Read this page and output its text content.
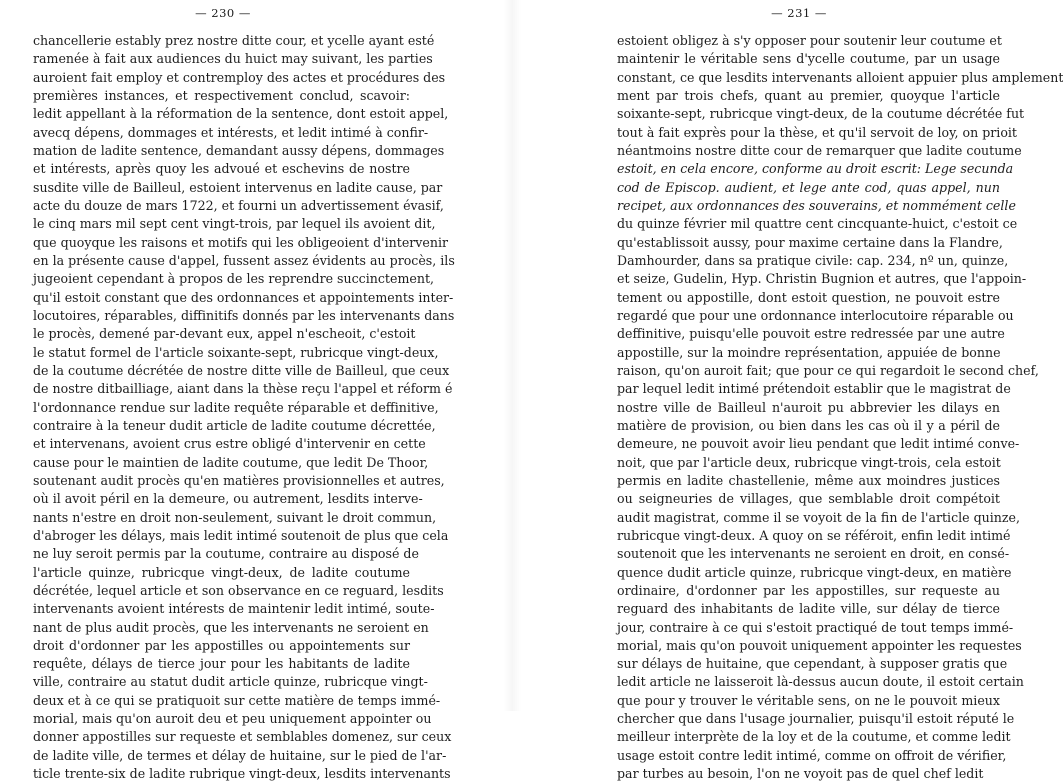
— 230 —
chancellerie estably prez nostre ditte cour, et ycelle ayant esté
ramenée à fait aux audiences du huict may suivant, les parties
auroient fait employ et contremploy des actes et procédures des
premières instances, et respectivement conclud, scavoir:
ledit appellant à la réformation de la sentence, dont estoit appel,
avecq dépens, dommages et intérests, et ledit intimé à confir-
mation de ladite sentence, demandant aussy dépens, dommages
et intérests, après quoy les advoué et eschevins de nostre
susdite ville de Bailleul, estoient intervenus en ladite cause, par
acte du douze de mars 1722, et fourni un advertissement évasif,
le cinq mars mil sept cent vingt-trois, par lequel ils avoient dit,
que quoyque les raisons et motifs qui les obligeoient d'intervenir
en la présente cause d'appel, fussent assez évidents au procès, ils
jugeoient cependant à propos de les reprendre succinctement,
qu'il estoit constant que des ordonnances et appointements inter-
locutoires, réparables, diffinitifs donnés par les intervenants dans
le procès, demené par-devant eux, appel n'escheoit, c'estoit
le statut formel de l'article soixante-sept, rubricque vingt-deux,
de la coutume décrétée de nostre ditte ville de Bailleul, que ceux
de nostre ditbailliage, aiant dans la thèse reçu l'appel et réform é
l'ordonnance rendue sur ladite requête réparable et deffinitive,
contraire à la teneur dudit article de ladite coutume décrettée,
et intervenans, avoient crus estre obligé d'intervenir en cette
cause pour le maintien de ladite coutume, que ledit De Thoor,
soutenant audit procès qu'en matières provisionnelles et autres,
où il avoit péril en la demeure, ou autrement, lesdits interve-
nants n'estre en droit non-seulement, suivant le droit commun,
d'abroger les délays, mais ledit intimé soutenoit de plus que cela
ne luy seroit permis par la coutume, contraire au disposé de
l'article quinze, rubricque vingt-deux, de ladite coutume
décrétée, lequel article et son observance en ce reguard, lesdits
intervenants avoient intérests de maintenir ledit intimé, soute-
nant de plus audit procès, que les intervenants ne seroient en
droit d'ordonner par les appostilles ou appointements sur
requête, délays de tierce jour pour les habitants de ladite
ville, contraire au statut dudit article quinze, rubricque vingt-
deux et à ce qui se pratiquoit sur cette matière de temps immé-
morial, mais qu'on auroit deu et peu uniquement appointer ou
donner appostilles sur requeste et semblables domenez, sur ceux
de ladite ville, de termes et délay de huitaine, sur le pied de l'ar-
ticle trente-six de ladite rubrique vingt-deux, lesdits intervenants
— 231 —
estoient obligez à s'y opposer pour soutenir leur coutume et
maintenir le véritable sens d'ycelle coutume, par un usage
constant, ce que lesdits intervenants alloient appuier plus amplement
ment par trois chefs, quant au premier, quoyque l'article
soixante-sept, rubricque vingt-deux, de la coutume décrétée fut
tout à fait exprès pour la thèse, et qu'il servoit de loy, on prioit
néantmoins nostre ditte cour de remarquer que ladite coutume
estoit, en cela encore, conforme au droit escrit: Lege secunda
cod de Episcop. audient, et lege ante cod, quas appel, nun
recipet, aux ordonnances des souverains, et nommément celle
du quinze février mil quattre cent cincquante-huict, c'estoit ce
qu'establissoit aussy, pour maxime certaine dans la Flandre,
Damhourder, dans sa pratique civile: cap. 234, nº un, quinze,
et seize, Gudelin, Hyp. Christin Bugnion et autres, que l'appoin-
tement ou appostille, dont estoit question, ne pouvoit estre
regardé que pour une ordonnance interlocutoire réparable ou
deffinitive, puisqu'elle pouvoit estre redressée par une autre
appostille, sur la moindre représentation, appuiée de bonne
raison, qu'on auroit fait; que pour ce qui regardoit le second chef,
par lequel ledit intimé prétendoit establir que le magistrat de
nostre ville de Bailleul n'auroit pu abbrevier les dilays en
matière de provision, ou bien dans les cas où il y a péril de
demeure, ne pouvoit avoir lieu pendant que ledit intimé conve-
noit, que par l'article deux, rubricque vingt-trois, cela estoit
permis en ladite chastellenie, même aux moindres justices
ou seigneuries de villages, que semblable droit compétoit
audit magistrat, comme il se voyoit de la fin de l'article quinze,
rubricque vingt-deux. A quoy on se référoit, enfin ledit intimé
soutenoit que les intervenants ne seroient en droit, en consé-
quence dudit article quinze, rubricque vingt-deux, en matière
ordinaire, d'ordonner par les appostilles, sur requeste au
reguard des inhabitants de ladite ville, sur délay de tierce
jour, contraire à ce qui s'estoit practiqué de tout temps immé-
morial, mais qu'on pouvoit uniquement appointer les requestes
sur délays de huitaine, que cependant, à supposer gratis que
ledit article ne laisseroit là-dessus aucun doute, il estoit certain
que pour y trouver le véritable sens, on ne le pouvoit mieux
chercher que dans l'usage journalier, puisqu'il estoit réputé le
meilleur interprète de la loy et de la coutume, et comme ledit
usage estoit contre ledit intimé, comme on offroit de vérifier,
par turbes au besoin, l'on ne voyoit pas de quel chef ledit
